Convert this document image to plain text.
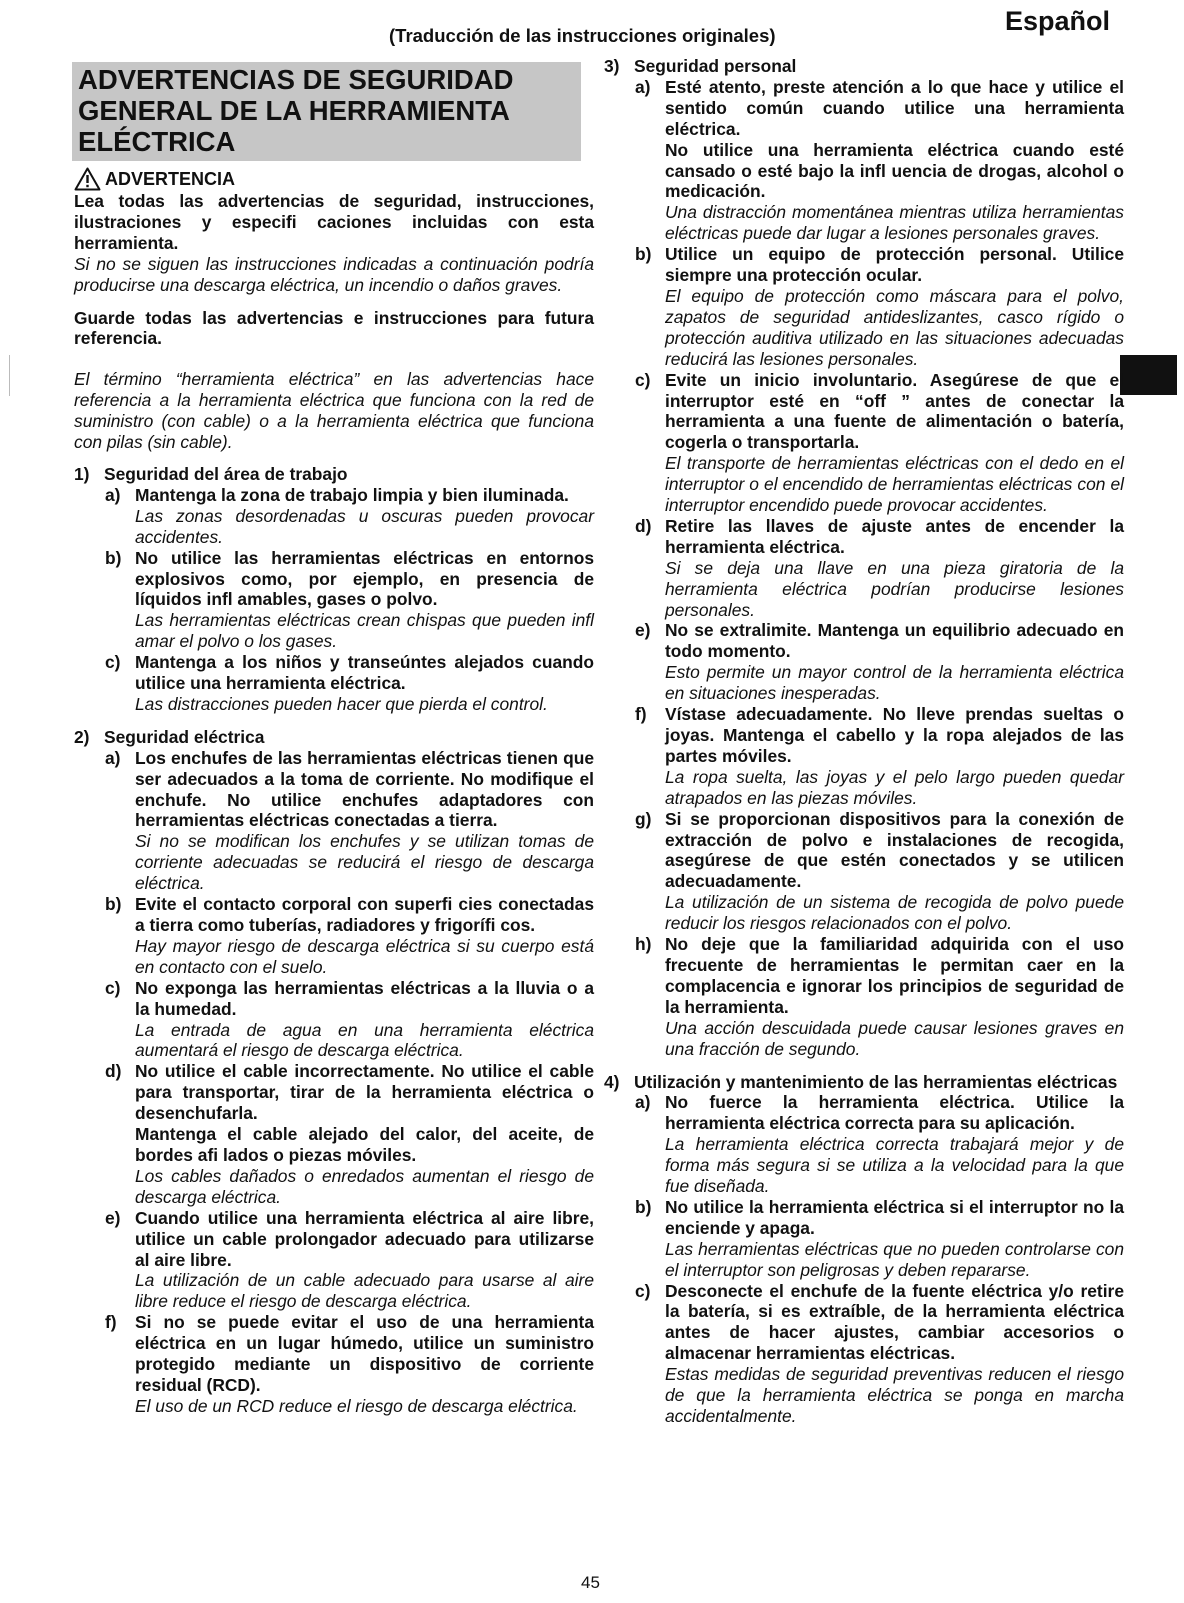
Español
(Traducción de las instrucciones originales)
ADVERTENCIAS DE SEGURIDAD
GENERAL DE LA HERRAMIENTA
ELÉCTRICA
ADVERTENCIA
Lea todas las advertencias de seguridad, instrucciones, ilustraciones y especifi caciones incluidas con esta herramienta.
Si no se siguen las instrucciones indicadas a continuación podría producirse una descarga eléctrica, un incendio o daños graves.
Guarde todas las advertencias e instrucciones para futura referencia.
El término “herramienta eléctrica” en las advertencias hace referencia a la herramienta eléctrica que funciona con la red de suministro (con cable) o a la herramienta eléctrica que funciona con pilas (sin cable).
1) Seguridad del área de trabajo
a) Mantenga la zona de trabajo limpia y bien iluminada.
Las zonas desordenadas u oscuras pueden provocar accidentes.
b) No utilice las herramientas eléctricas en entornos explosivos como, por ejemplo, en presencia de líquidos infl amables, gases o polvo.
Las herramientas eléctricas crean chispas que pueden infl amar el polvo o los gases.
c) Mantenga a los niños y transeúntes alejados cuando utilice una herramienta eléctrica.
Las distracciones pueden hacer que pierda el control.
2) Seguridad eléctrica
a) Los enchufes de las herramientas eléctricas tienen que ser adecuados a la toma de corriente. No modifique el enchufe. No utilice enchufes adaptadores con herramientas eléctricas conectadas a tierra.
Si no se modifican los enchufes y se utilizan tomas de corriente adecuadas se reducirá el riesgo de descarga eléctrica.
b) Evite el contacto corporal con superfi cies conectadas a tierra como tuberías, radiadores y frigorífi cos.
Hay mayor riesgo de descarga eléctrica si su cuerpo está en contacto con el suelo.
c) No exponga las herramientas eléctricas a la lluvia o a la humedad.
La entrada de agua en una herramienta eléctrica aumentará el riesgo de descarga eléctrica.
d) No utilice el cable incorrectamente. No utilice el cable para transportar, tirar de la herramienta eléctrica o desenchufarla.
Mantenga el cable alejado del calor, del aceite, de bordes afi lados o piezas móviles.
Los cables dañados o enredados aumentan el riesgo de descarga eléctrica.
e) Cuando utilice una herramienta eléctrica al aire libre, utilice un cable prolongador adecuado para utilizarse al aire libre.
La utilización de un cable adecuado para usarse al aire libre reduce el riesgo de descarga eléctrica.
f)	Si no se puede evitar el uso de una herramienta eléctrica en un lugar húmedo, utilice un suministro protegido mediante un dispositivo de corriente residual (RCD).
El uso de un RCD reduce el riesgo de descarga eléctrica.
3) Seguridad personal
a) Esté atento, preste atención a lo que hace y utilice el sentido común cuando utilice una herramienta eléctrica.
No utilice una herramienta eléctrica cuando esté cansado o esté bajo la infl uencia de drogas, alcohol o medicación.
Una distracción momentánea mientras utiliza herramientas eléctricas puede dar lugar a lesiones personales graves.
b) Utilice un equipo de protección personal. Utilice siempre una protección ocular.
El equipo de protección como máscara para el polvo, zapatos de seguridad antideslizantes, casco rígido o protección auditiva utilizado en las situaciones adecuadas reducirá las lesiones personales.
c) Evite un inicio involuntario. Asegúrese de que el interruptor esté en “off ” antes de conectar la herramienta a una fuente de alimentación o batería, cogerla o transportarla.
El transporte de herramientas eléctricas con el dedo en el interruptor o el encendido de herramientas eléctricas con el interruptor encendido puede provocar accidentes.
d) Retire las llaves de ajuste antes de encender la herramienta eléctrica.
Si se deja una llave en una pieza giratoria de la herramienta eléctrica podrían producirse lesiones personales.
e) No se extralimite. Mantenga un equilibrio adecuado en todo momento.
Esto permite un mayor control de la herramienta eléctrica en situaciones inesperadas.
f)	Vístase adecuadamente. No lleve prendas sueltas o joyas. Mantenga el cabello y la ropa alejados de las partes móviles.
La ropa suelta, las joyas y el pelo largo pueden quedar atrapados en las piezas móviles.
g) Si se proporcionan dispositivos para la conexión de extracción de polvo e instalaciones de recogida, asegúrese de que estén conectados y se utilicen adecuadamente.
La utilización de un sistema de recogida de polvo puede reducir los riesgos relacionados con el polvo.
h) No deje que la familiaridad adquirida con el uso frecuente de herramientas le permitan caer en la complacencia e ignorar los principios de seguridad de la herramienta.
Una acción descuidada puede causar lesiones graves en una fracción de segundo.
4) Utilización y mantenimiento de las herramientas eléctricas
a) No fuerce la herramienta eléctrica. Utilice la herramienta eléctrica correcta para su aplicación.
La herramienta eléctrica correcta trabajará mejor y de forma más segura si se utiliza a la velocidad para la que fue diseñada.
b) No utilice la herramienta eléctrica si el interruptor no la enciende y apaga.
Las herramientas eléctricas que no pueden controlarse con el interruptor son peligrosas y deben repararse.
c) Desconecte el enchufe de la fuente eléctrica y/o retire la batería, si es extraíble, de la herramienta eléctrica antes de hacer ajustes, cambiar accesorios o almacenar herramientas eléctricas.
Estas medidas de seguridad preventivas reducen el riesgo de que la herramienta eléctrica se ponga en marcha accidentalmente.
45
